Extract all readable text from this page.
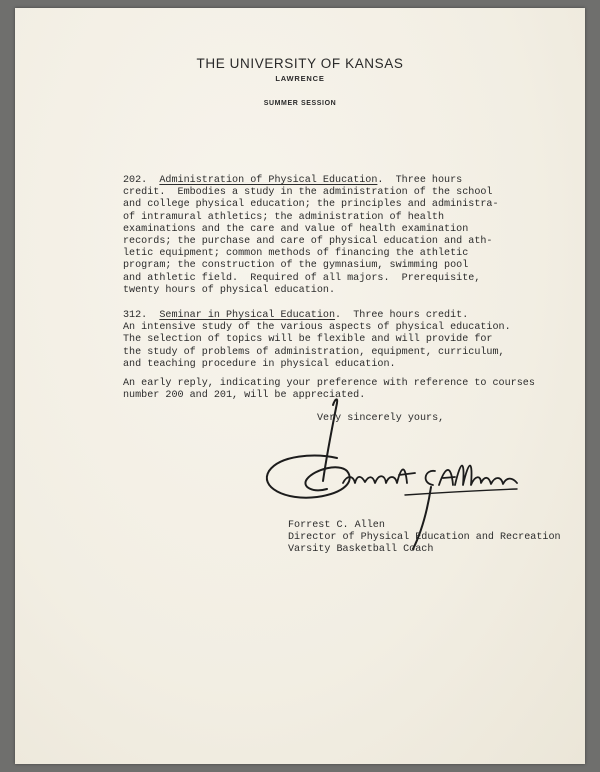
THE UNIVERSITY OF KANSAS
LAWRENCE
SUMMER SESSION
202. Administration of Physical Education.  Three hours
credit.  Embodies a study in the administration of the school
and college physical education; the principles and administra-
of intramural athletics; the administration of health
examinations and the care and value of health examination
records; the purchase and care of physical education and ath-
letic equipment; common methods of financing the athletic
program; the construction of the gymnasium, swimming pool
and athletic field.  Required of all majors.  Prerequisite,
twenty hours of physical education.
312. Seminar in Physical Education.  Three hours credit.
An intensive study of the various aspects of physical education.
The selection of topics will be flexible and will provide for
the study of problems of administration, equipment, curriculum,
and teaching procedure in physical education.
An early reply, indicating your preference with reference to courses
number 200 and 201, will be appreciated.
Very sincerely yours,
Forrest C. Allen
Director of Physical Education and Recreation
Varsity Basketball Coach
